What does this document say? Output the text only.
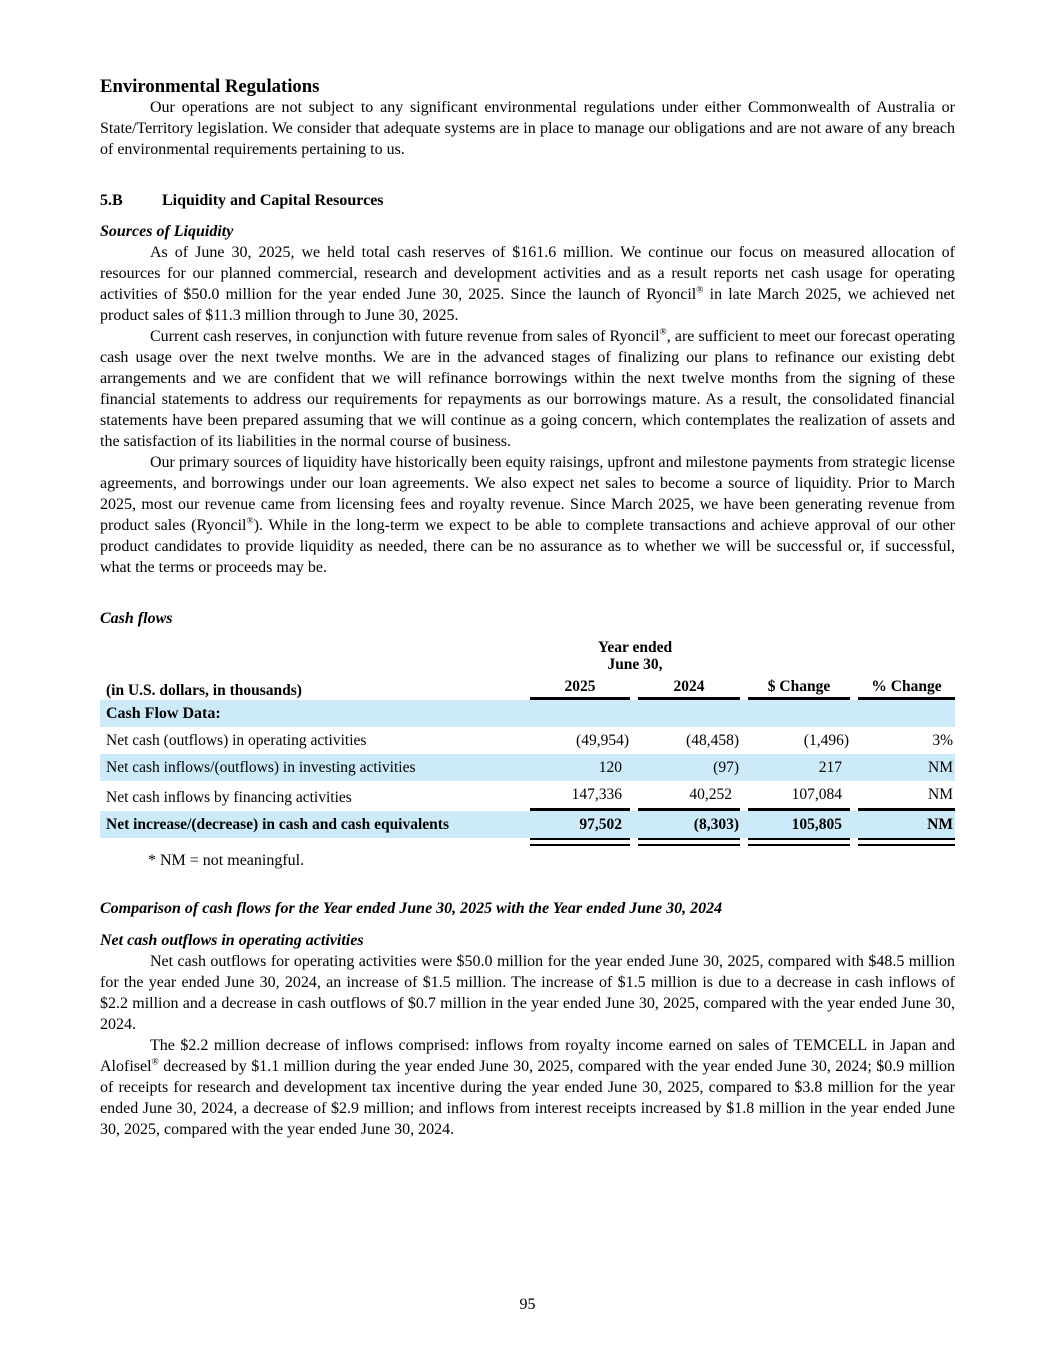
Environmental Regulations

Our operations are not subject to any significant environmental regulations under either Commonwealth of Australia or State/Territory legislation. We consider that adequate systems are in place to manage our obligations and are not aware of any breach of environmental requirements pertaining to us.

5.B Liquidity and Capital Resources
Sources of Liquidity

As of June 30, 2025, we held total cash reserves of $161.6 million. We continue our focus on measured allocation of resources for our planned commercial, research and development activities and as a result reports net cash usage for operating activities of $50.0 million for the year ended June 30, 2025. Since the launch of Ryoncil® in late March 2025, we achieved net product sales of $11.3 million through to June 30, 2025.

Current cash reserves, in conjunction with future revenue from sales of Ryoncil®, are sufficient to meet our forecast operating cash usage over the next twelve months. We are in the advanced stages of finalizing our plans to refinance our existing debt arrangements and we are confident that we will refinance borrowings within the next twelve months from the signing of these financial statements to address our requirements for repayments as our borrowings mature. As a result, the consolidated financial statements have been prepared assuming that we will continue as a going concern, which contemplates the realization of assets and the satisfaction of its liabilities in the normal course of business.

Our primary sources of liquidity have historically been equity raisings, upfront and milestone payments from strategic license agreements, and borrowings under our loan agreements. We also expect net sales to become a source of liquidity. Prior to March 2025, most our revenue came from licensing fees and royalty revenue. Since March 2025, we have been generating revenue from product sales (Ryoncil®). While in the long-term we expect to be able to complete transactions and achieve approval of our other product candidates to provide liquidity as needed, there can be no assurance as to whether we will be successful or, if successful, what the terms or proceeds may be.

Cash flows
Year ended
June 30,
(in U.S. dollars, in thousands)	2025	2024	$ Change	% Change
Cash Flow Data:
Net cash (outflows) in operating activities	(49,954)	(48,458)	(1,496)	3%
Net cash inflows/(outflows) in investing activities	120	(97)	217	NM
Net cash inflows by financing activities	147,336	40,252	107,084	NM
Net increase/(decrease) in cash and cash equivalents	97,502	(8,303)	105,805	NM

* NM = not meaningful.

Comparison of cash flows for the Year ended June 30, 2025 with the Year ended June 30, 2024
Net cash outflows in operating activities

Net cash outflows for operating activities were $50.0 million for the year ended June 30, 2025, compared with $48.5 million for the year ended June 30, 2024, an increase of $1.5 million. The increase of $1.5 million is due to a decrease in cash inflows of $2.2 million and a decrease in cash outflows of $0.7 million in the year ended June 30, 2025, compared with the year ended June 30, 2024.

The $2.2 million decrease of inflows comprised: inflows from royalty income earned on sales of TEMCELL in Japan and Alofisel® decreased by $1.1 million during the year ended June 30, 2025, compared with the year ended June 30, 2024; $0.9 million of receipts for research and development tax incentive during the year ended June 30, 2025, compared to $3.8 million for the year ended June 30, 2024, a decrease of $2.9 million; and inflows from interest receipts increased by $1.8 million in the year ended June 30, 2025, compared with the year ended June 30, 2024.

95
